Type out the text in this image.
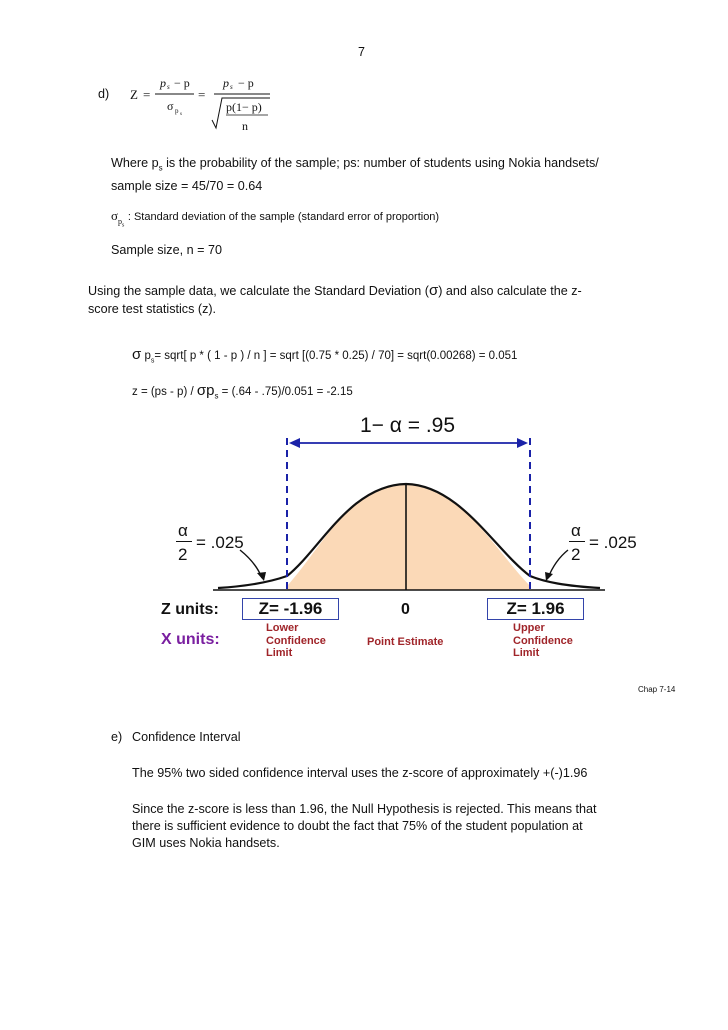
7
d) Z =
p s − p
σ p s
=
p s − p
p(1− p)
n
Where $p_s$ is the probability of the sample; ps: number of students using Nokia handsets/
sample size = 45/70 = 0.64
$\sigma_{p_s}$ : Standard deviation of the sample (standard error of proportion)
Sample size, n = 70
Using the sample data, we calculate the Standard Deviation (σ) and also calculate the z-
score test statistics (z).
σ $p_s=$ sqrt[ p * ( 1 - p ) / n ] = sqrt [(0.75 * 0.25) / 70] = sqrt(0.00268) = 0.051
$z = (ps - p) / \sigma p_s = (.64 - .75)/0.051 = -2.15$
1− α = .95
α
2
= .025
α
2
= .025
Z units:
X units:
Z= -1.96	0	Z= 1.96
Lower
Confidence
Limit
Point Estimate
Upper
Confidence
Limit
Chap 7-14
e) Confidence Interval
The 95% two sided confidence interval uses the z-score of approximately +(-)1.96
Since the z-score is less than 1.96, the Null Hypothesis is rejected. This means that
there is sufficient evidence to doubt the fact that 75% of the student population at
GIM uses Nokia handsets.
